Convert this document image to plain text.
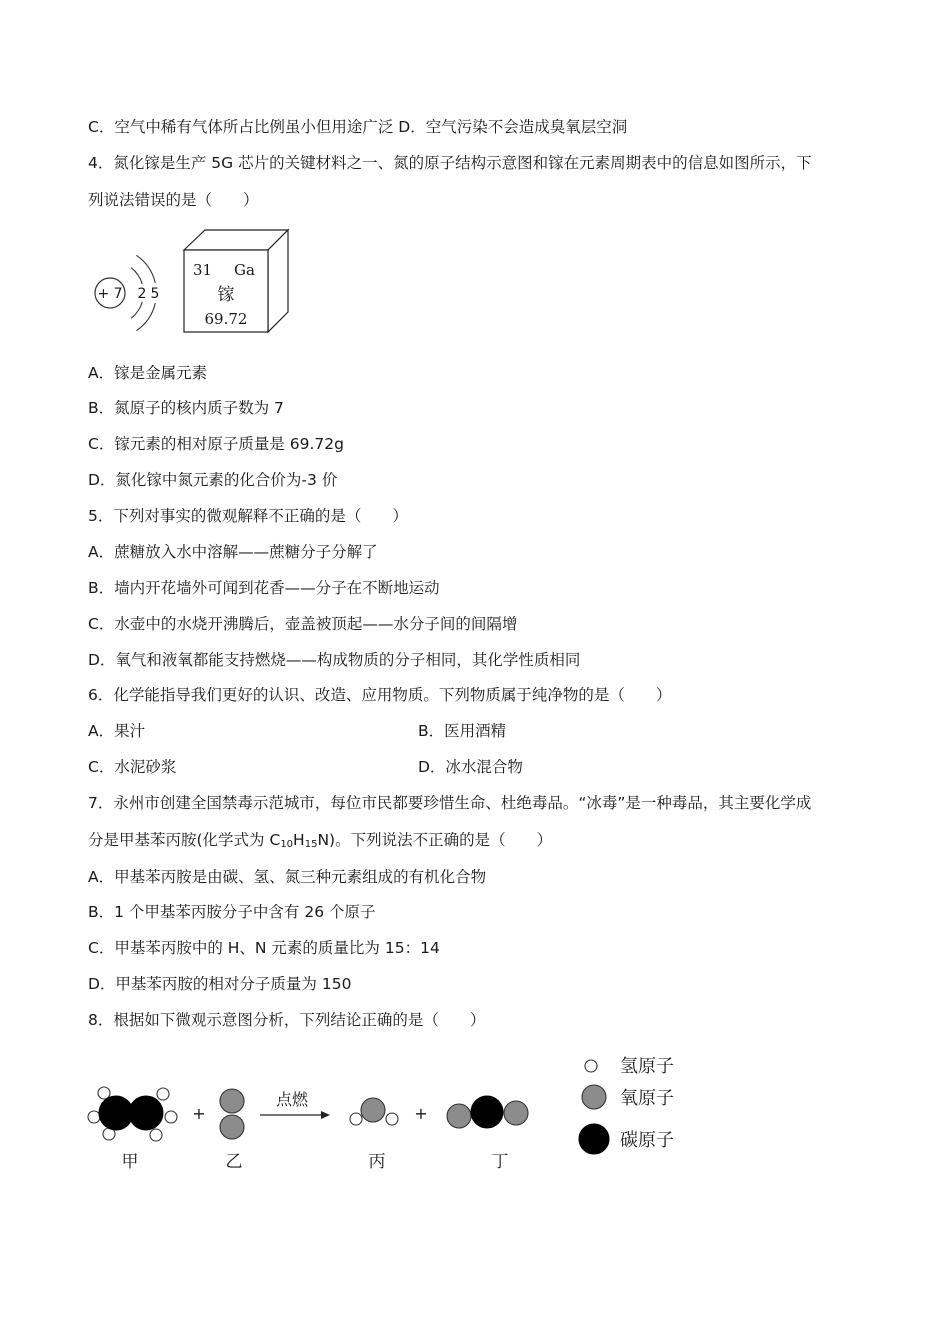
C．空气中稀有气体所占比例虽小但用途广泛 D．空气污染不会造成臭氧层空洞
4．氮化镓是生产 5G 芯片的关键材料之一、氮的原子结构示意图和镓在元素周期表中的信息如图所示，下
列说法错误的是（　　）
+ 7 2 5
31 Ga
镓
69.72
A．镓是金属元素
B．氮原子的核内质子数为 7
C．镓元素的相对原子质量是 69.72g
D．氮化镓中氮元素的化合价为-3 价
5．下列对事实的微观解释不正确的是（　　）
A．蔗糖放入水中溶解——蔗糖分子分解了
B．墙内开花墙外可闻到花香——分子在不断地运动
C．水壶中的水烧开沸腾后，壶盖被顶起——水分子间的间隔增
D．氧气和液氧都能支持燃烧——构成物质的分子相同，其化学性质相同
6．化学能指导我们更好的认识、改造、应用物质。下列物质属于纯净物的是（　　）
A．果汁	B．医用酒精
C．水泥砂浆	D．冰水混合物
7．永州市创建全国禁毒示范城市，每位市民都要珍惜生命、杜绝毒品。“冰毒”是一种毒品，其主要化学成
分是甲基苯丙胺(化学式为 $C_{10}H_{15}N$)。下列说法不正确的是（　　）
A．甲基苯丙胺是由碳、氢、氮三种元素组成的有机化合物
B．1 个甲基苯丙胺分子中含有 26 个原子
C．甲基苯丙胺中的 H、N 元素的质量比为 15：14
D．甲基苯丙胺的相对分子质量为 150
8．根据如下微观示意图分析，下列结论正确的是（　　）
+
点燃
+
甲	乙	丙	丁
氢原子
氧原子
碳原子
